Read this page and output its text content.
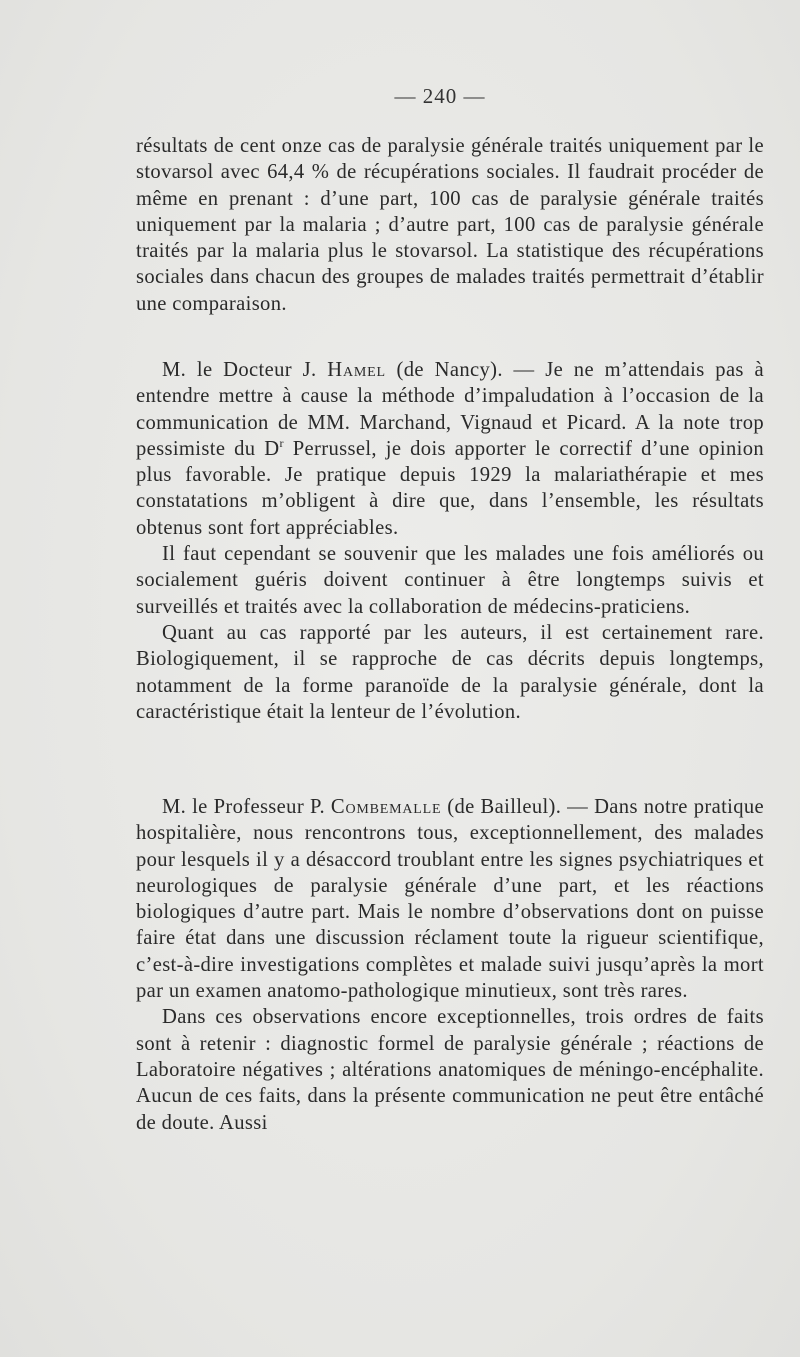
— 240 —

résultats de cent onze cas de paralysie générale traités uniquement par le stovarsol avec 64,4 % de récupérations sociales. Il faudrait procéder de même en prenant : d’une part, 100 cas de paralysie générale traités uniquement par la malaria ; d’autre part, 100 cas de paralysie générale traités par la malaria plus le stovarsol. La statistique des récupérations sociales dans chacun des groupes de malades traités permettrait d’établir une comparaison.

M. le Docteur J. Hamel (de Nancy). — Je ne m’attendais pas à entendre mettre à cause la méthode d’impaludation à l’occasion de la communication de MM. Marchand, Vignaud et Picard. A la note trop pessimiste du $D^r$ Perrussel, je dois apporter le correctif d’une opinion plus favorable. Je pratique depuis 1929 la malariathérapie et mes constatations m’obligent à dire que, dans l’ensemble, les résultats obtenus sont fort appréciables.

Il faut cependant se souvenir que les malades une fois améliorés ou socialement guéris doivent continuer à être longtemps suivis et surveillés et traités avec la collaboration de médecins-praticiens.

Quant au cas rapporté par les auteurs, il est certainement rare. Biologiquement, il se rapproche de cas décrits depuis longtemps, notamment de la forme paranoïde de la paralysie générale, dont la caractéristique était la lenteur de l’évolution.

M. le Professeur P. Combemalle (de Bailleul). — Dans notre pratique hospitalière, nous rencontrons tous, exceptionnellement, des malades pour lesquels il y a désaccord troublant entre les signes psychiatriques et neurologiques de paralysie générale d’une part, et les réactions biologiques d’autre part. Mais le nombre d’observations dont on puisse faire état dans une discussion réclament toute la rigueur scientifique, c’est-à-dire investigations complètes et malade suivi jusqu’après la mort par un examen anatomo-pathologique minutieux, sont très rares.

Dans ces observations encore exceptionnelles, trois ordres de faits sont à retenir : diagnostic formel de paralysie générale ; réactions de Laboratoire négatives ; altérations anatomiques de méningo-encéphalite. Aucun de ces faits, dans la présente communication ne peut être entâché de doute. Aussi
